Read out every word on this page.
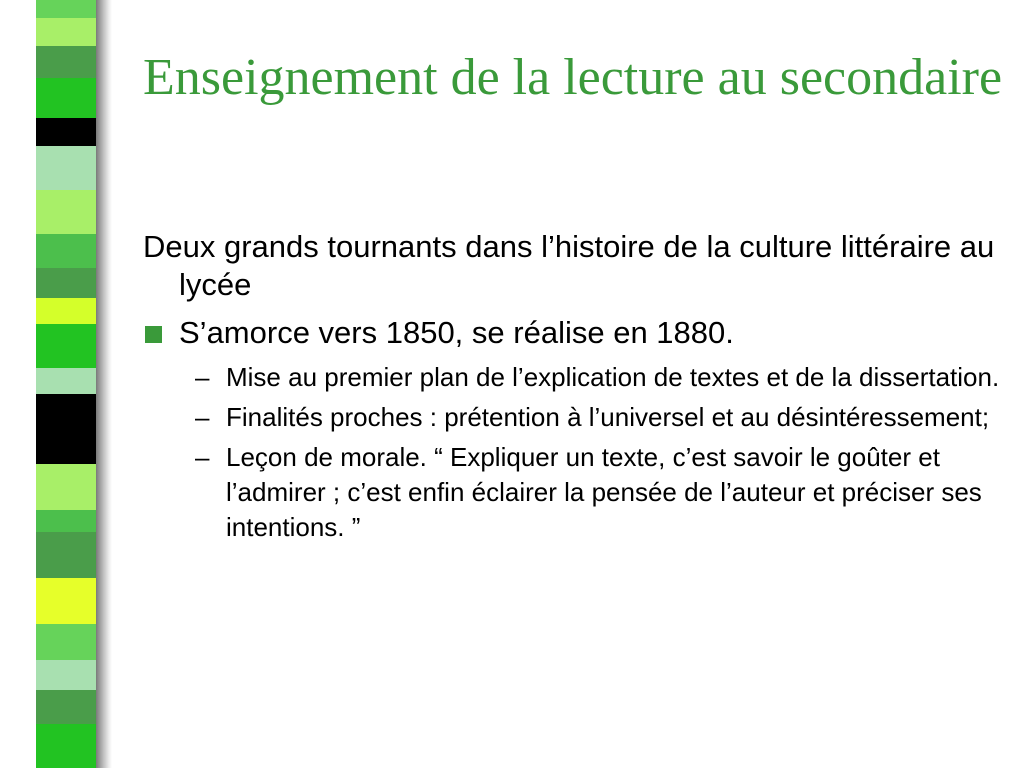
Enseignement de la lecture au secondaire

Deux grands tournants dans l’histoire de la culture littéraire au lycée

S’amorce vers 1850, se réalise en 1880.
– Mise au premier plan de l’explication de textes et de la dissertation.
– Finalités proches : prétention à l’universel et au désintéressement;
– Leçon de morale. “ Expliquer un texte, c’est savoir le goûter et l’admirer ; c’est enfin éclairer la pensée de l’auteur et préciser ses intentions. ”
